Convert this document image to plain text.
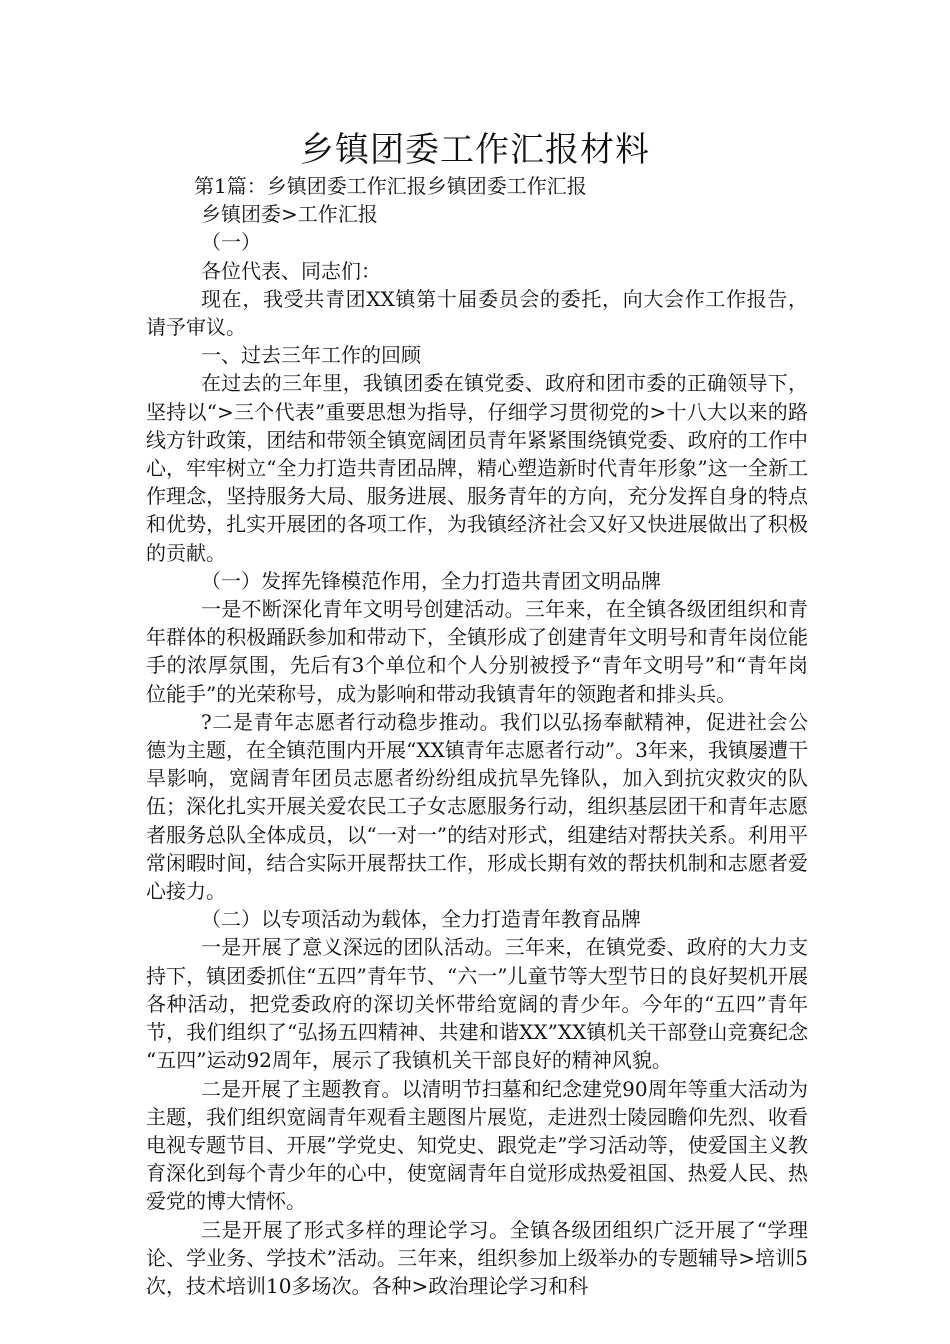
乡镇团委工作汇报材料

第1篇：乡镇团委工作汇报乡镇团委工作汇报

乡镇团委>工作汇报

（一）

各位代表、同志们：

现在，我受共青团XX镇第十届委员会的委托，向大会作工作报告，请予审议。

一、过去三年工作的回顾

在过去的三年里，我镇团委在镇党委、政府和团市委的正确领导下，坚持以“>三个代表”重要思想为指导，仔细学习贯彻党的>十八大以来的路线方针政策，团结和带领全镇宽阔团员青年紧紧围绕镇党委、政府的工作中心，牢牢树立“全力打造共青团品牌，精心塑造新时代青年形象”这一全新工作理念，坚持服务大局、服务进展、服务青年的方向，充分发挥自身的特点和优势，扎实开展团的各项工作，为我镇经济社会又好又快进展做出了积极的贡献。

（一）发挥先锋模范作用，全力打造共青团文明品牌

一是不断深化青年文明号创建活动。三年来，在全镇各级团组织和青年群体的积极踊跃参加和带动下，全镇形成了创建青年文明号和青年岗位能手的浓厚氛围，先后有3个单位和个人分别被授予“青年文明号”和“青年岗位能手”的光荣称号，成为影响和带动我镇青年的领跑者和排头兵。

?二是青年志愿者行动稳步推动。我们以弘扬奉献精神，促进社会公德为主题，在全镇范围内开展“XX镇青年志愿者行动”。3年来，我镇屡遭干旱影响，宽阔青年团员志愿者纷纷组成抗旱先锋队，加入到抗灾救灾的队伍；深化扎实开展关爱农民工子女志愿服务行动，组织基层团干和青年志愿者服务总队全体成员，以“一对一”的结对形式，组建结对帮扶关系。利用平常闲暇时间，结合实际开展帮扶工作，形成长期有效的帮扶机制和志愿者爱心接力。

（二）以专项活动为载体，全力打造青年教育品牌

一是开展了意义深远的团队活动。三年来，在镇党委、政府的大力支持下，镇团委抓住“五四”青年节、“六一”儿童节等大型节日的良好契机开展各种活动，把党委政府的深切关怀带给宽阔的青少年。今年的“五四”青年节，我们组织了“弘扬五四精神、共建和谐XX”XX镇机关干部登山竞赛纪念 “五四”运动92周年，展示了我镇机关干部良好的精神风貌。

二是开展了主题教育。以清明节扫墓和纪念建党90周年等重大活动为主题，我们组织宽阔青年观看主题图片展览，走进烈士陵园瞻仰先烈、收看电视专题节目、开展”学党史、知党史、跟党走”学习活动等，使爱国主义教育深化到每个青少年的心中，使宽阔青年自觉形成热爱祖国、热爱人民、热爱党的博大情怀。

三是开展了形式多样的理论学习。全镇各级团组织广泛开展了“学理论、学业务、学技术”活动。三年来，组织参加上级举办的专题辅导>培训5次，技术培训10多场次。各种>政治理论学习和科
